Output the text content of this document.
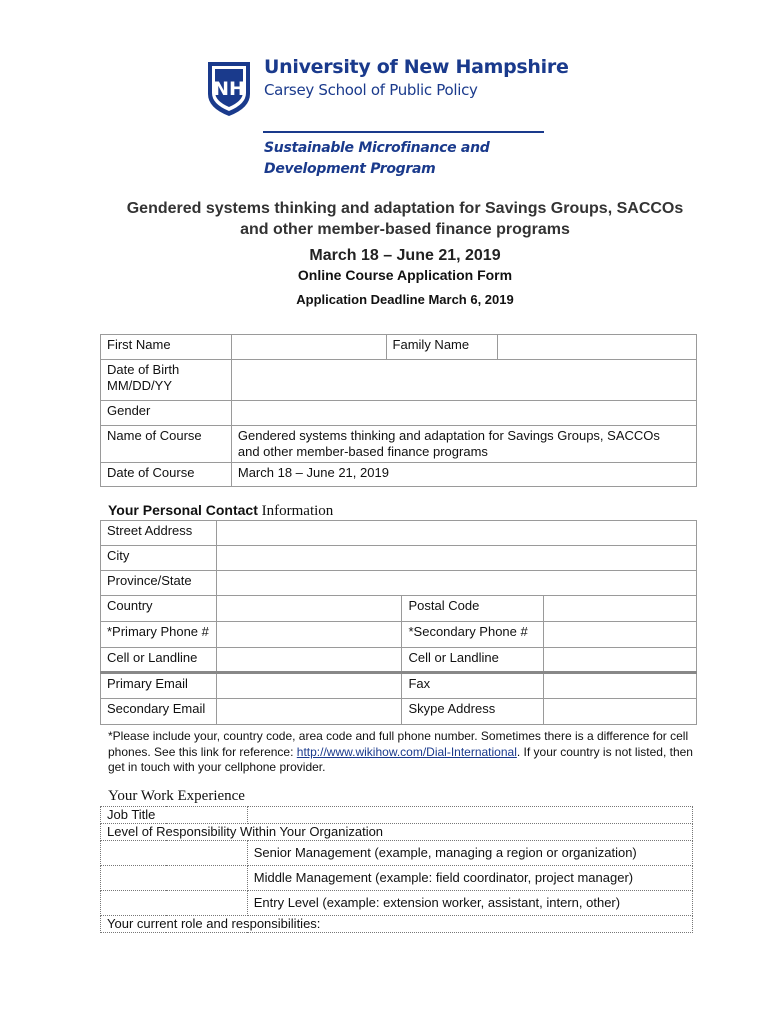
NH
University of New Hampshire
Carsey School of Public Policy
Sustainable Microfinance and
Development Program
Gendered systems thinking and adaptation for Savings Groups, SACCOs
and other member-based finance programs
March 18 – June 21, 2019
Online Course Application Form
Application Deadline March 6, 2019
First Name		Family Name	

Date of Birth
MM/DD/YY			

Gender			
Name of Course	Gendered systems thinking and adaptation for Savings Groups, SACCOs
and other member-based finance programs		

Date of Course	March 18 – June 21, 2019		
Your Personal Contact Information
Street Address			
City			
Province/State			
Country		Postal Code	
*Primary Phone #		*Secondary Phone #	
Cell or Landline		Cell or Landline	
Primary Email		Fax	
Secondary Email		Skype Address	
*Please include your, country code, area code and full phone number. Sometimes there is a difference for cell phones. See this link for reference: http://www.wikihow.com/Dial-International. If your country is not listed, then get in touch with your cellphone provider.
Your Work Experience
Job Title	
Level of Responsibility Within Your Organization	
	Senior Management (example, managing a region or organization)
	Middle Management (example: field coordinator, project manager)
	Entry Level (example: extension worker, assistant, intern, other)
Your current role and responsibilities:	
